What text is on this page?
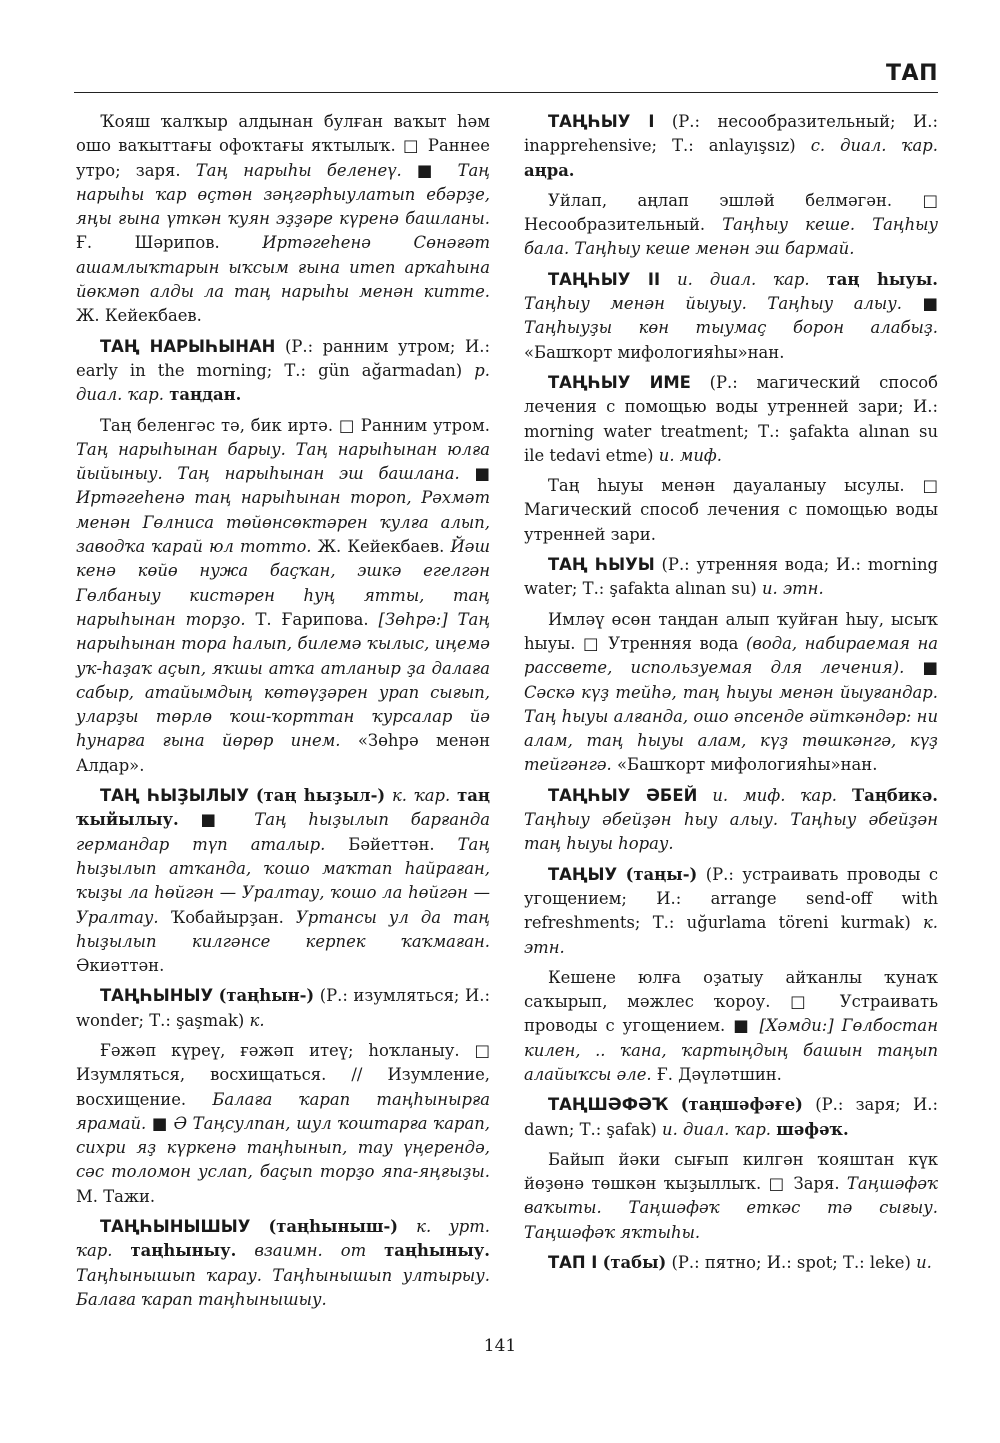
ТАП

Ҡояш ҡалҡыр алдынан булған ваҡыт һәм ошо ваҡыттағы офоҡтағы яҡтылыҡ. □ Раннее утро; заря. Таң нарыһы беленеү. ■ Таң нарыһы ҡар өҫтөн зәңгәрһыулатып ебәрҙе, яңы ғына үткән ҡуян эҙҙәре күренә башланы. Ғ. Шәрипов. Иртәгеһенә Сөнәғәт ашамлыҡтарын ыҡсым ғына итеп арҡаһына йөкмәп алды ла таң нарыһы менән китте. Ж. Кейекбаев.

ТАҢ НАРЫҺЫНАН (Р.: ранним утром; И.: early in the morning; Т.: gün ağarmadan) р. диал. ҡар. таңдан.

Таң беленгәс тә, бик иртә. □ Ранним утром. Таң нарыһынан барыу. Таң нарыһынан юлға йыйыныу. Таң нарыһынан эш башлана. ■ Иртәгеһенә таң нарыһынан тороп, Рәхмәт менән Гөлниса төйөнсөктәрен ҡулға алып, заводҡа ҡарай юл тотто. Ж. Кейекбаев. Йәш кенә көйө нужа баҫҡан, эшкә егелгән Гөлбаныу кистәрен һуң ятты, таң нарыһынан торҙо. Т. Ғарипова. [Зөһрә:] Таң нарыһынан тора һалып, билемә ҡылыс, иңемә уҡ-һаҙаҡ аҫып, яҡшы атҡа атланыр ҙа далаға сабыр, атайымдың көтөүҙәрен урап сығып, уларҙы төрлө ҡош-ҡорттан ҡурсалар йә һунарға ғына йөрөр инем. «Зөһрә менән Алдар».

ТАҢ ҺЫҘЫЛЫУ (таң һыҙыл-) к. ҡар. таң ҡыйылыу. ■ Таң һыҙылып барғанда германдар түп аталыр. Бәйеттән. Таң һыҙылып атҡанда, ҡошо маҡтап һайраған, ҡыҙы ла һөйгән — Уралтау, ҡошо ла һөйгән — Уралтау. Ҡобайырҙан. Уртансы ул да таң һыҙылып килгәнсе керпек ҡаҡмаған. Әкиәттән.

ТАҢҺЫНЫУ (таңһын-) (Р.: изумляться; И.: wonder; Т.: şaşmak) к.

Ғәжәп күреү, ғәжәп итеү; һоҡланыу. □ Изумляться, восхищаться. // Изумление, восхищение. Балаға ҡарап таңһынырға ярамай. ■ Ә Таңсулпан, шул ҡоштарға ҡарап, сихри яҙ күркенә таңһынып, тау үңерендә, сәс толомон услап, баҫып торҙо япа-яңғыҙы. М. Тажи.

ТАҢҺЫНЫШЫУ (таңһыныш-) к. урт. ҡар. таңһыныу. взаимн. от таңһыныу. Таңһынышып ҡарау. Таңһынышып ултырыу. Балаға ҡарап таңһынышыу.

ТАҢҺЫУ I (Р.: несообразительный; И.: inapprehensive; Т.: anlayışsız) с. диал. ҡар. аңра.

Уйлап, аңлап эшләй белмәгән. □ Несообразительный. Таңһыу кеше. Таңһыу бала. Таңһыу кеше менән эш бармай.

ТАҢҺЫУ II и. диал. ҡар. таң һыуы. Таңһыу менән йыуыу. Таңһыу алыу. ■ Таңһыуҙы көн тыумаҫ борон алабыҙ. «Башҡорт мифологияһы»нан.

ТАҢҺЫУ ИМЕ (Р.: магический способ лечения с помощью воды утренней зари; И.: morning water treatment; Т.: şafakta alınan su ile tedavi etme) и. миф.

Таң һыуы менән дауаланыу ысулы. □ Магический способ лечения с помощью воды утренней зари.

ТАҢ ҺЫУЫ (Р.: утренняя вода; И.: morning water; Т.: şafakta alınan su) и. этн.

Имләү өсөн таңдан алып ҡуйған һыу, ысыҡ һыуы. □ Утренняя вода (вода, набираемая на рассвете, используемая для лечения). ■ Сәскә күҙ тейһә, таң һыуы менән йыуғандар. Таң һыуы алғанда, ошо әпсенде әйткәндәр: ни алам, таң һыуы алам, күҙ төшкәнгә, күҙ тейгәнгә. «Башҡорт мифологияһы»нан.

ТАҢҺЫУ ӘБЕЙ и. миф. ҡар. Таңбикә. Таңһыу әбейҙән һыу алыу. Таңһыу әбейҙән таң һыуы һорау.

ТАҢЫУ (таңы-) (Р.: устраивать проводы с угощением; И.: arrange send-off with refreshments; Т.: uğurlama töreni kurmak) к. этн.

Кешене юлға оҙатыу айҡанлы ҡунаҡ саҡырып, мәжлес ҡороу. □ Устраивать проводы с угощением. ■ [Хәмди:] Гөлбостан килен, .. ҡана, ҡартыңдың башын таңып алайыҡсы әле. Ғ. Дәүләтшин.

ТАҢШӘФӘҠ (таңшәфәғе) (Р.: заря; И.: dawn; Т.: şafak) и. диал. ҡар. шәфәҡ.

Байып йәки сығып килгән ҡояштан күк йөҙөнә төшкән ҡыҙыллыҡ. □ Заря. Таңшәфәҡ ваҡыты. Таңшәфәҡ еткәс тә сығыу. Таңшәфәҡ яҡтыһы.

ТАП I (табы) (Р.: пятно; И.: spot; Т.: leke) и.

141
